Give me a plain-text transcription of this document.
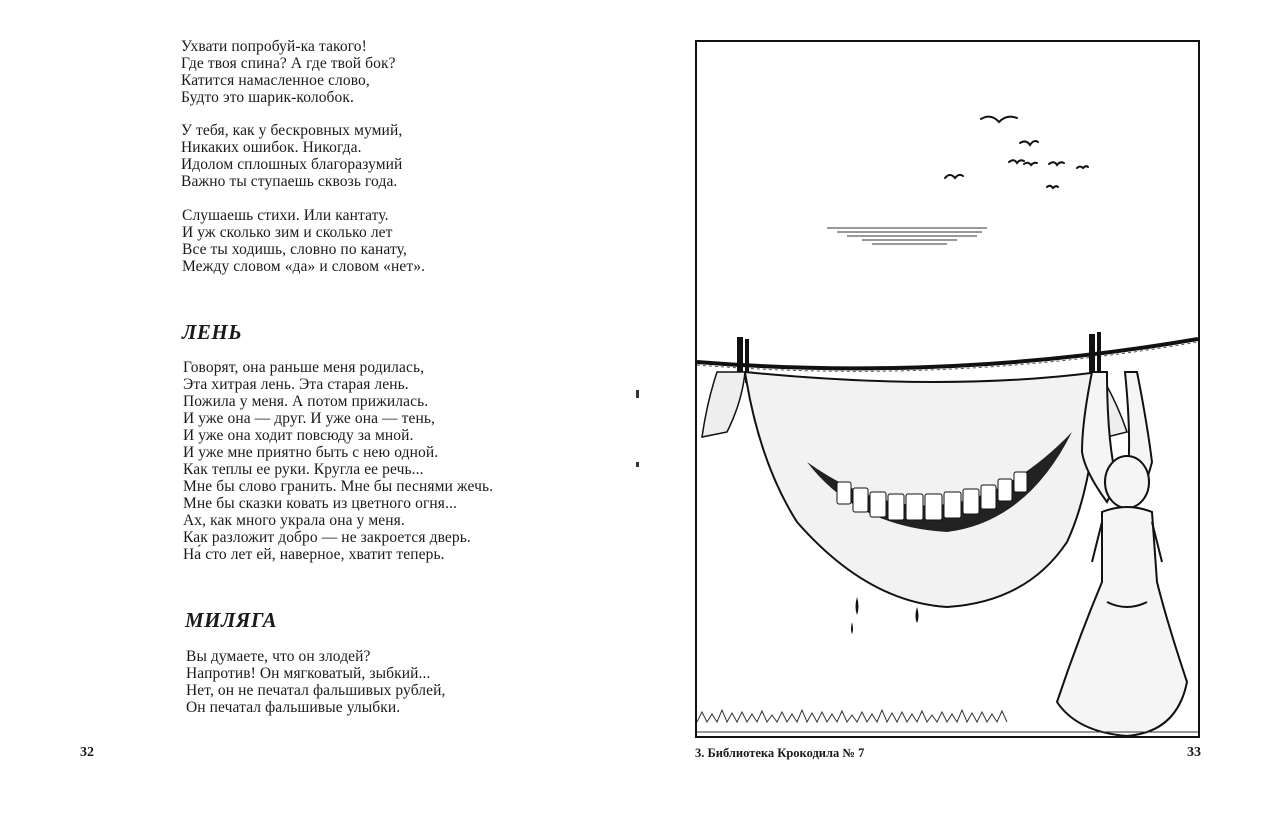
Ухвати попробуй-ка такого!
Где твоя спина? А где твой бок?
Катится намасленное слово,
Будто это шарик-колобок.
У тебя, как у бескровных мумий,
Никаких ошибок. Никогда.
Идолом сплошных благоразумий
Важно ты ступаешь сквозь года.
Слушаешь стихи. Или кантату.
И уж сколько зим и сколько лет
Все ты ходишь, словно по канату,
Между словом «да» и словом «нет».
ЛЕНЬ
Говорят, она раньше меня родилась,
Эта хитрая лень. Эта старая лень.
Пожила у меня. А потом прижилась.
И уже она — друг. И уже она — тень,
И уже она ходит повсюду за мной.
И уже мне приятно быть с нею одной.
Как теплы ее руки. Кругла ее речь...
Мне бы слово гранить. Мне бы песнями жечь.
Мне бы сказки ковать из цветного огня...
Ах, как много украла она у меня.
Как разложит добро — не закроется дверь.
На́ сто лет ей, наверное, хватит теперь.
МИЛЯГА
Вы думаете, что он злодей?
Напротив! Он мягковатый, зыбкий...
Нет, он не печатал фальшивых рублей,
Он печатал фальшивые улыбки.
32	3. Библиотека Крокодила № 7	33
